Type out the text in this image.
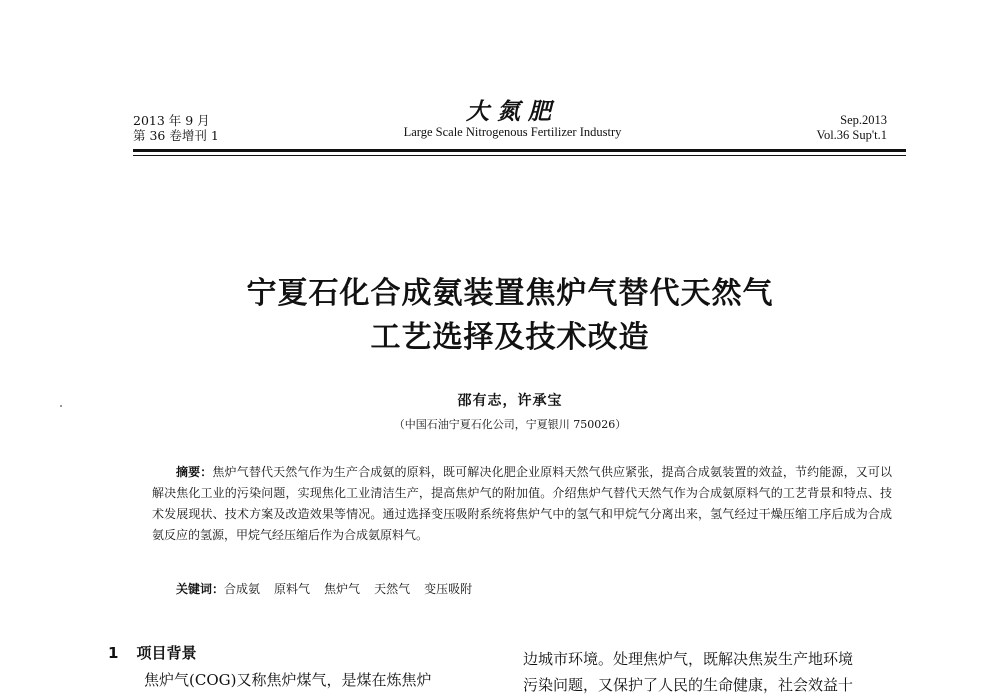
2013 年 9 月
第 36 卷增刊 1
大氮肥
Large Scale Nitrogenous Fertilizer Industry
Sep.2013
Vol.36 Sup't.1
宁夏石化合成氨装置焦炉气替代天然气
工艺选择及技术改造
邵有志，许承宝
（中国石油宁夏石化公司，宁夏银川 750026）

摘要：焦炉气替代天然气作为生产合成氨的原料，既可解决化肥企业原料天然气供应紧张，提高合成氨装置的效益，节约能源，又可以解决焦化工业的污染问题，实现焦化工业清洁生产，提高焦炉气的附加值。介绍焦炉气替代天然气作为合成氨原料气的工艺背景和特点、技术发展现状、技术方案及改造效果等情况。通过选择变压吸附系统将焦炉气中的氢气和甲烷气分离出来，氢气经过干燥压缩工序后成为合成氨反应的氢源，甲烷气经压缩后作为合成氨原料气。

关键词：合成氨 原料气 焦炉气 天然气 变压吸附
1 项目背景

焦炉气(COG)又称焦炉煤气，是煤在炼焦炉

边城市环境。处理焦炉气，既解决焦炭生产地环境
污染问题，又保护了人民的生命健康，社会效益十
